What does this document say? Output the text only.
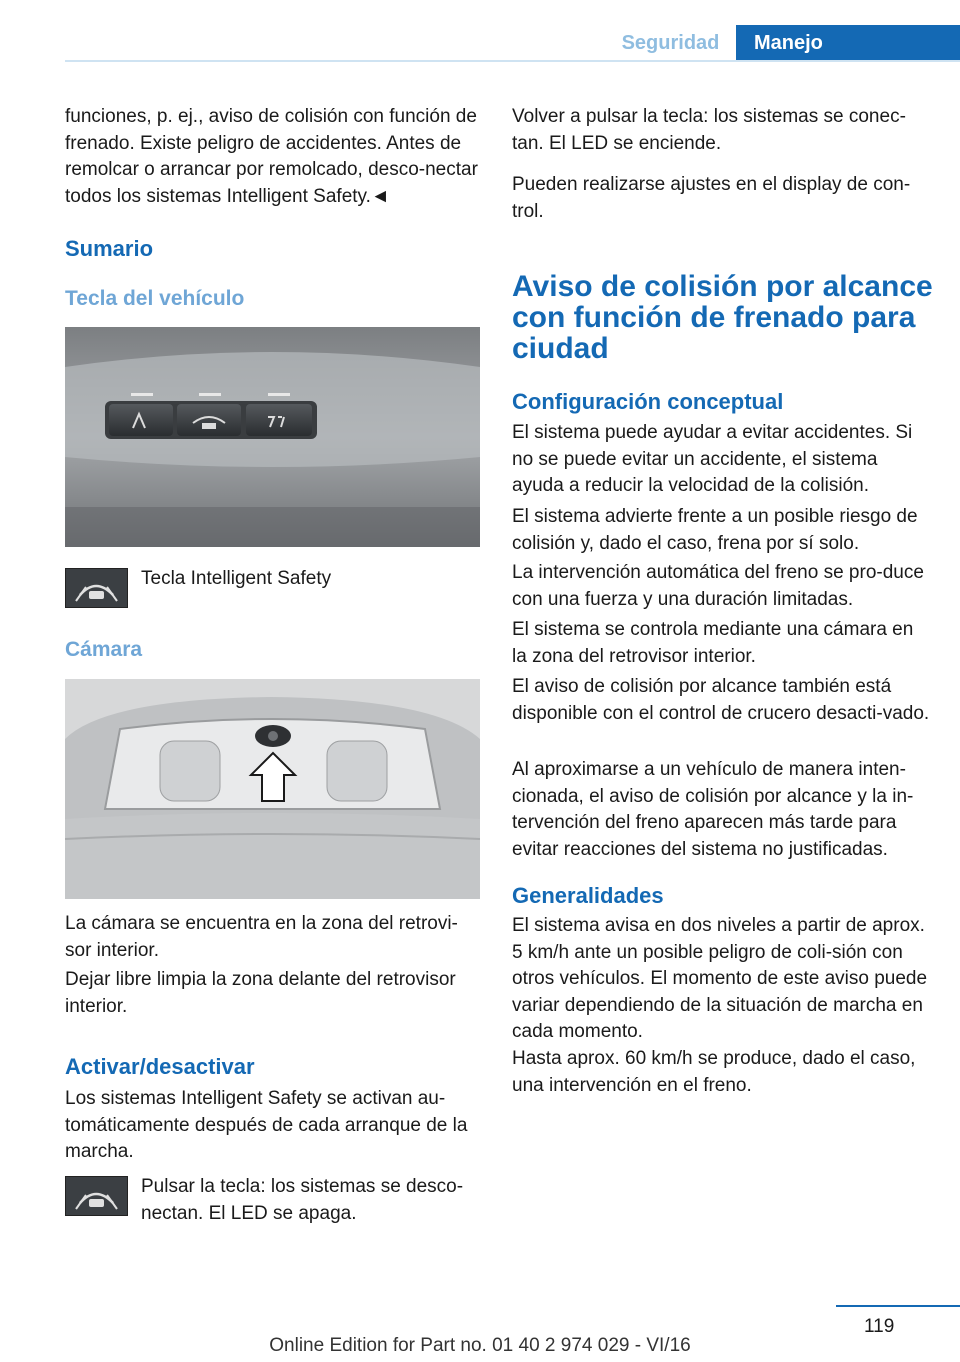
Seguridad	Manejo

funciones, p. ej., aviso de colisión con función de frenado. Existe peligro de accidentes. Antes de remolcar o arrancar por remolcado, desco‐nectar todos los sistemas Intelligent Safety.◄

Sumario
Tecla del vehículo
Tecla Intelligent Safety
Cámara

La cámara se encuentra en la zona del retrovi‐sor interior.

Dejar libre limpia la zona delante del retrovisor interior.

Activar/desactivar

Los sistemas Intelligent Safety se activan au‐tomáticamente después de cada arranque de la marcha.

Pulsar la tecla: los sistemas se desco‐nectan. El LED se apaga.

Volver a pulsar la tecla: los sistemas se conec‐tan. El LED se enciende.

Pueden realizarse ajustes en el display de con‐trol.

Aviso de colisión por alcance con función de frenado para ciudad
Configuración conceptual

El sistema puede ayudar a evitar accidentes. Si no se puede evitar un accidente, el sistema ayuda a reducir la velocidad de la colisión.

El sistema advierte frente a un posible riesgo de colisión y, dado el caso, frena por sí solo.

La intervención automática del freno se pro‐duce con una fuerza y una duración limitadas.

El sistema se controla mediante una cámara en la zona del retrovisor interior.

El aviso de colisión por alcance también está disponible con el control de crucero desacti‐vado.

Al aproximarse a un vehículo de manera inten‐cionada, el aviso de colisión por alcance y la in‐tervención del freno aparecen más tarde para evitar reacciones del sistema no justificadas.

Generalidades

El sistema avisa en dos niveles a partir de aprox. 5 km/h ante un posible peligro de coli‐sión con otros vehículos. El momento de este aviso puede variar dependiendo de la situación de marcha en cada momento.

Hasta aprox. 60 km/h se produce, dado el caso, una intervención en el freno.

119
Online Edition for Part no. 01 40 2 974 029 - VI/16
